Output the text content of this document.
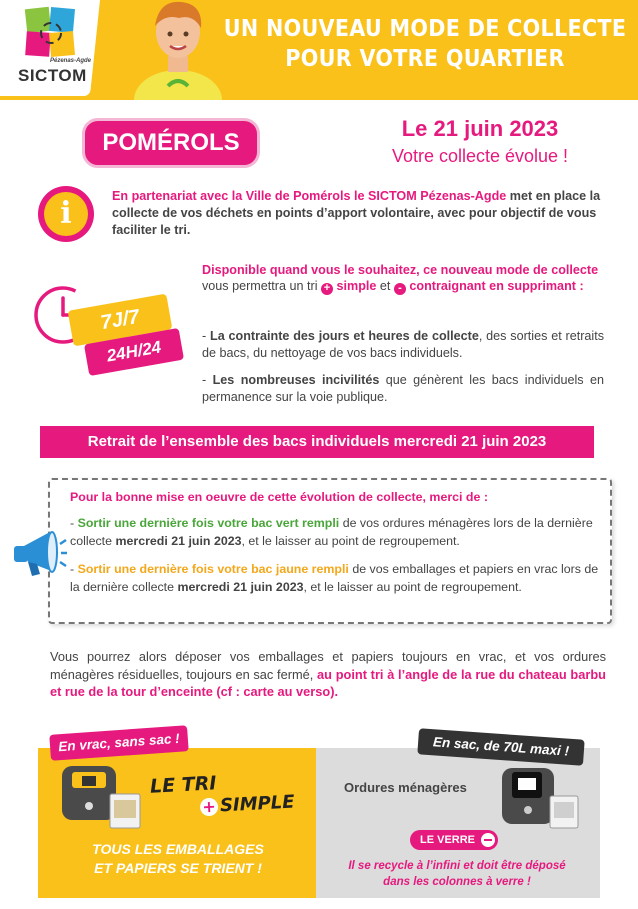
Pézenas-Agde
SICTOM
UN NOUVEAU MODE DE COLLECTE
POUR VOTRE QUARTIER
POMÉROLS
Le 21 juin 2023
Votre collecte évolue !
i	En partenariat avec la Ville de Pomérols le SICTOM Pézenas-Agde met en place la collecte de vos déchets en points d’apport volontaire, avec pour objectif de vous faciliter le tri.
7J/7
24H/24
Disponible quand vous le souhaitez, ce nouveau mode de collecte vous permettra un tri + simple et - contraignant en supprimant :
- La contrainte des jours et heures de collecte, des sorties et retraits de bacs, du nettoyage de vos bacs individuels.
- Les nombreuses incivilités que génèrent les bacs individuels en permanence sur la voie publique.
Retrait de l’ensemble des bacs individuels mercredi 21 juin 2023
Pour la bonne mise en oeuvre de cette évolution de collecte, merci de :
- Sortir une dernière fois votre bac vert rempli de vos ordures ménagères lors de la dernière collecte mercredi 21 juin 2023, et le laisser au point de regroupement.
- Sortir une dernière fois votre bac jaune rempli de vos emballages et papiers en vrac lors de la dernière collecte mercredi 21 juin 2023, et le laisser au point de regroupement.
Vous pourrez alors déposer vos emballages et papiers toujours en vrac, et vos ordures ménagères résiduelles, toujours en sac fermé, au point tri à l’angle de la rue du chateau barbu et rue de la tour d’enceinte (cf : carte au verso).
En vrac, sans sac !	En sac, de 70L maxi !
LE TRI
+ SIMPLE
TOUS LES EMBALLAGES
ET PAPIERS SE TRIENT !
Ordures ménagères
LE VERRE
Il se recycle à l’infini et doit être déposé
dans les colonnes à verre !
